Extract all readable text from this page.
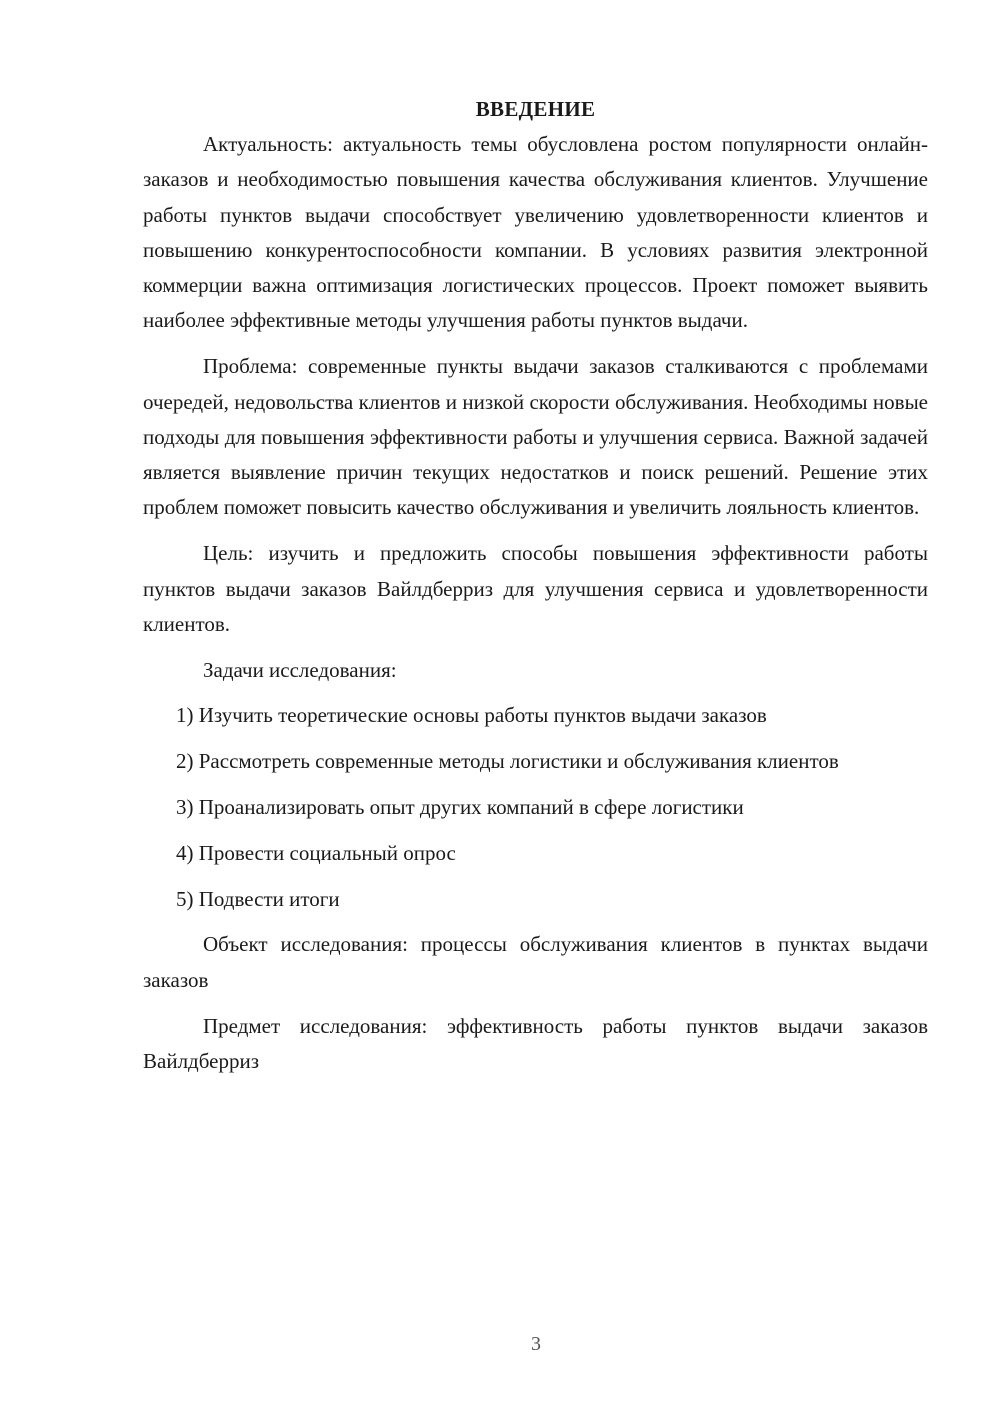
ВВЕДЕНИЕ

Актуальность: актуальность темы обусловлена ростом популярности онлайн-заказов и необходимостью повышения качества обслуживания клиентов. Улучшение работы пунктов выдачи способствует увеличению удовлетворенности клиентов и повышению конкурентоспособности компании. В условиях развития электронной коммерции важна оптимизация логистических процессов. Проект поможет выявить наиболее эффективные методы улучшения работы пунктов выдачи.

Проблема: современные пункты выдачи заказов сталкиваются с проблемами очередей, недовольства клиентов и низкой скорости обслуживания. Необходимы новые подходы для повышения эффективности работы и улучшения сервиса. Важной задачей является выявление причин текущих недостатков и поиск решений. Решение этих проблем поможет повысить качество обслуживания и увеличить лояльность клиентов.

Цель: изучить и предложить способы повышения эффективности работы пунктов выдачи заказов Вайлдберриз для улучшения сервиса и удовлетворенности клиентов.

Задачи исследования:

1) Изучить теоретические основы работы пунктов выдачи заказов

2) Рассмотреть современные методы логистики и обслуживания клиентов

3) Проанализировать опыт других компаний в сфере логистики

4) Провести социальный опрос

5) Подвести итоги

Объект исследования: процессы обслуживания клиентов в пунктах выдачи заказов

Предмет исследования: эффективность работы пунктов выдачи заказов Вайлдберриз

3
